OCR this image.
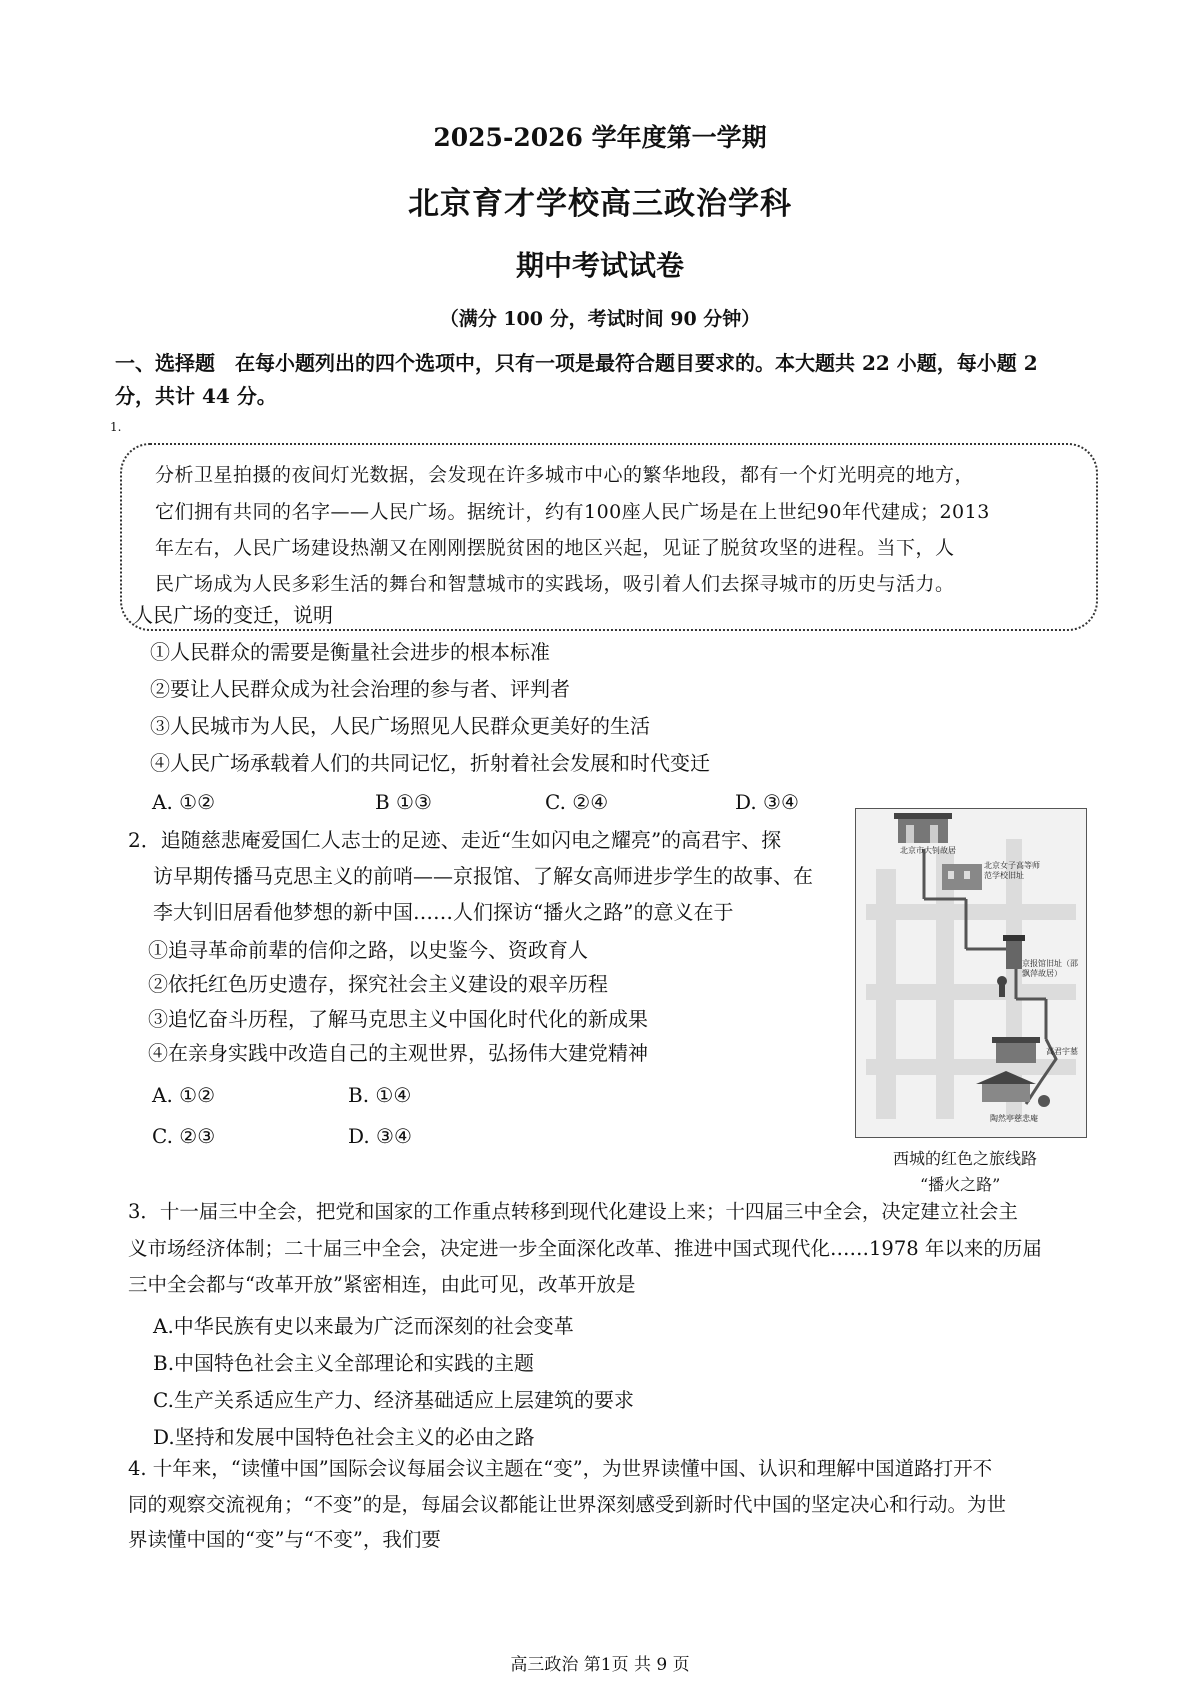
2025-2026 学年度第一学期
北京育才学校高三政治学科
期中考试试卷
（满分 100 分，考试时间 90 分钟）
一、选择题　在每小题列出的四个选项中，只有一项是最符合题目要求的。本大题共 22 小题，每小题 2
分，共计 44 分。
1.
分析卫星拍摄的夜间灯光数据，会发现在许多城市中心的繁华地段，都有一个灯光明亮的地方，
它们拥有共同的名字——人民广场。据统计，约有100座人民广场是在上世纪90年代建成；2013
年左右，人民广场建设热潮又在刚刚摆脱贫困的地区兴起，见证了脱贫攻坚的进程。当下，人
民广场成为人民多彩生活的舞台和智慧城市的实践场，吸引着人们去探寻城市的历史与活力。
人民广场的变迁，说明
①人民群众的需要是衡量社会进步的根本标准
②要让人民群众成为社会治理的参与者、评判者
③人民城市为人民，人民广场照见人民群众更美好的生活
④人民广场承载着人们的共同记忆，折射着社会发展和时代变迁
A. ①②	B ①③	C. ②④	D. ③④
2．追随慈悲庵爱国仁人志士的足迹、走近“生如闪电之耀亮”的高君宇、探
访早期传播马克思主义的前哨——京报馆、了解女高师进步学生的故事、在
李大钊旧居看他梦想的新中国……人们探访“播火之路”的意义在于
①追寻革命前辈的信仰之路，以史鉴今、资政育人
②依托红色历史遗存，探究社会主义建设的艰辛历程
③追忆奋斗历程，了解马克思主义中国化时代化的新成果
④在亲身实践中改造自己的主观世界，弘扬伟大建党精神
A. ①②	B. ①④
C. ②③	D. ③④
北京市大钊故居
北京女子高等师范学校旧址
京报馆旧址（邵飘萍故居）
高君宇墓
陶然亭慈悲庵
西城的红色之旅线路
“播火之路”
3．十一届三中全会，把党和国家的工作重点转移到现代化建设上来；十四届三中全会，决定建立社会主
义市场经济体制；二十届三中全会，决定进一步全面深化改革、推进中国式现代化……1978 年以来的历届
三中全会都与“改革开放”紧密相连，由此可见，改革开放是
A.中华民族有史以来最为广泛而深刻的社会变革
B.中国特色社会主义全部理论和实践的主题
C.生产关系适应生产力、经济基础适应上层建筑的要求
D.坚持和发展中国特色社会主义的必由之路
4. 十年来，“读懂中国”国际会议每届会议主题在“变”，为世界读懂中国、认识和理解中国道路打开不
同的观察交流视角；“不变”的是，每届会议都能让世界深刻感受到新时代中国的坚定决心和行动。为世
界读懂中国的“变”与“不变”，我们要
高三政治 第1页 共 9 页
